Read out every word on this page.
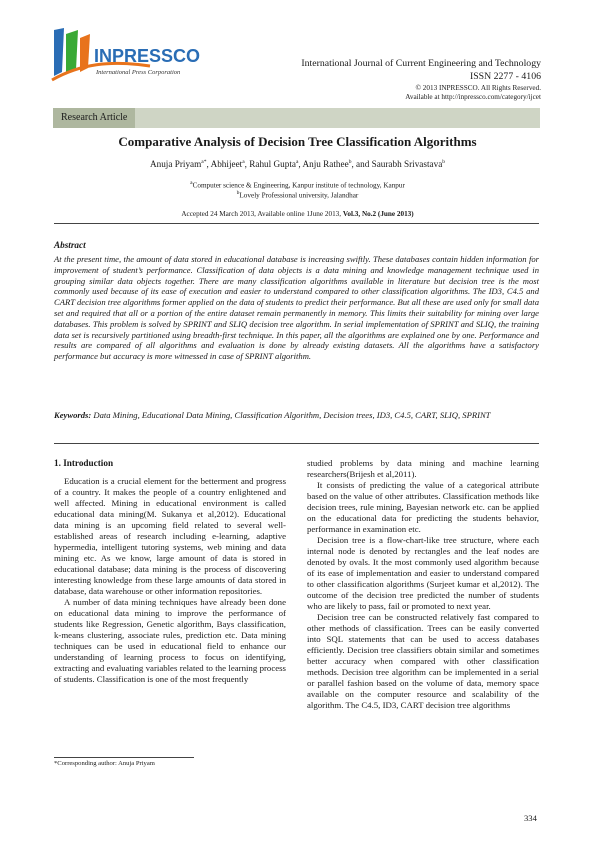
INPRESSCO
International Press Corporation
International Journal of Current Engineering and Technology
ISSN 2277 - 4106
© 2013 INPRESSCO. All Rights Reserved.
Available at http://inpressco.com/category/ijcet
Research Article
Comparative Analysis of Decision Tree Classification Algorithms
Anuja Priyam$^{a*}$, Abhijeet$^a$, Rahul Gupta$^a$, Anju Rathee$^b$, and Saurabh Srivastava$^b$
$^a$Computer science & Engineering, Kanpur institute of technology, Kanpur
$^b$Lovely Professional university, Jalandhar
Accepted 24 March 2013, Available online 1June 2013, Vol.3, No.2 (June 2013)
Abstract
At the present time, the amount of data stored in educational database is increasing swiftly. These databases contain hidden information for improvement of student’s performance. Classification of data objects is a data mining and knowledge management technique used in grouping similar data objects together. There are many classification algorithms available in literature but decision tree is the most commonly used because of its ease of execution and easier to understand compared to other classification algorithms. The ID3, C4.5 and CART decision tree algorithms former applied on the data of students to predict their performance. But all these are used only for small data set and required that all or a portion of the entire dataset remain permanently in memory. This limits their suitability for mining over large databases. This problem is solved by SPRINT and SLIQ decision tree algorithm. In serial implementation of SPRINT and SLIQ, the training data set is recursively partitioned using breadth-first technique. In this paper, all the algorithms are explained one by one. Performance and results are compared of all algorithms and evaluation is done by already existing datasets. All the algorithms have a satisfactory performance but accuracy is more witnessed in case of SPRINT algorithm.
Keywords: Data Mining, Educational Data Mining, Classification Algorithm, Decision trees, ID3, C4.5, CART, SLIQ, SPRINT

1. Introduction

Education is a crucial element for the betterment and progress of a country. It makes the people of a country enlightened and well affected. Mining in educational environment is called educational data mining(M. Sukanya et al,2012). Educational data mining is an upcoming field related to several well-established areas of research including e-learning, adaptive hypermedia, intelligent tutoring systems, web mining and data mining etc. As we know, large amount of data is stored in educational database; data mining is the process of discovering interesting knowledge from these large amounts of data stored in database, data warehouse or other information repositories.

A number of data mining techniques have already been done on educational data mining to improve the performance of students like Regression, Genetic algorithm, Bays classification, k-means clustering, associate rules, prediction etc. Data mining techniques can be used in educational field to enhance our understanding of learning process to focus on identifying, extracting and evaluating variables related to the learning process of students. Classification is one of the most frequently

studied problems by data mining and machine learning researchers(Brijesh et al,2011).

It consists of predicting the value of a categorical attribute based on the value of other attributes. Classification methods like decision trees, rule mining, Bayesian network etc. can be applied on the educational data for predicting the students behavior, performance in examination etc.

Decision tree is a flow-chart-like tree structure, where each internal node is denoted by rectangles and the leaf nodes are denoted by ovals. It the most commonly used algorithm because of its ease of implementation and easier to understand compared to other classification algorithms (Surjeet kumar et al,2012). The outcome of the decision tree predicted the number of students who are likely to pass, fail or promoted to next year.

Decision tree can be constructed relatively fast compared to other methods of classification. Trees can be easily converted into SQL statements that can be used to access databases efficiently. Decision tree classifiers obtain similar and sometimes better accuracy when compared with other classification methods. Decision tree algorithm can be implemented in a serial or parallel fashion based on the volume of data, memory space available on the computer resource and scalability of the algorithm. The C4.5, ID3, CART decision tree algorithms

*Corresponding author: Anuja Priyam
334
